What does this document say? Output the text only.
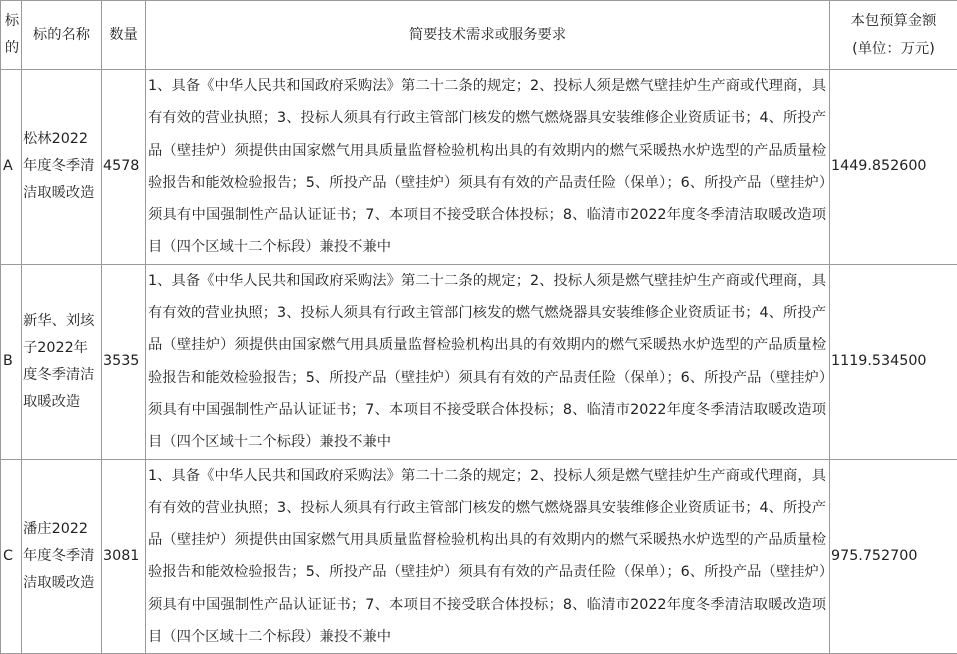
标的	标的名称	数量	简要技术需求或服务要求	本包预算金额
(单位：万元)

A	松林2022年度冬季清洁取暖改造	4578	1、具备《中华人民共和国政府采购法》第二十二条的规定；2、投标人须是燃气壁挂炉生产商或代理商，具有有效的营业执照；3、投标人须具有行政主管部门核发的燃气燃烧器具安装维修企业资质证书；4、所投产品（壁挂炉）须提供由国家燃气用具质量监督检验机构出具的有效期内的燃气采暖热水炉选型的产品质量检验报告和能效检验报告；5、所投产品（壁挂炉）须具有有效的产品责任险（保单）；6、所投产品（壁挂炉）须具有中国强制性产品认证证书；7、本项目不接受联合体投标；8、临清市2022年度冬季清洁取暖改造项目（四个区域十二个标段）兼投不兼中	1449.852600
B	新华、刘垓子2022年度冬季清洁取暖改造	3535	1、具备《中华人民共和国政府采购法》第二十二条的规定；2、投标人须是燃气壁挂炉生产商或代理商，具有有效的营业执照；3、投标人须具有行政主管部门核发的燃气燃烧器具安装维修企业资质证书；4、所投产品（壁挂炉）须提供由国家燃气用具质量监督检验机构出具的有效期内的燃气采暖热水炉选型的产品质量检验报告和能效检验报告；5、所投产品（壁挂炉）须具有有效的产品责任险（保单）；6、所投产品（壁挂炉）须具有中国强制性产品认证证书；7、本项目不接受联合体投标；8、临清市2022年度冬季清洁取暖改造项目（四个区域十二个标段）兼投不兼中	1119.534500
C	潘庄2022年度冬季清洁取暖改造	3081	1、具备《中华人民共和国政府采购法》第二十二条的规定；2、投标人须是燃气壁挂炉生产商或代理商，具有有效的营业执照；3、投标人须具有行政主管部门核发的燃气燃烧器具安装维修企业资质证书；4、所投产品（壁挂炉）须提供由国家燃气用具质量监督检验机构出具的有效期内的燃气采暖热水炉选型的产品质量检验报告和能效检验报告；5、所投产品（壁挂炉）须具有有效的产品责任险（保单）；6、所投产品（壁挂炉）须具有中国强制性产品认证证书；7、本项目不接受联合体投标；8、临清市2022年度冬季清洁取暖改造项目（四个区域十二个标段）兼投不兼中	975.752700
